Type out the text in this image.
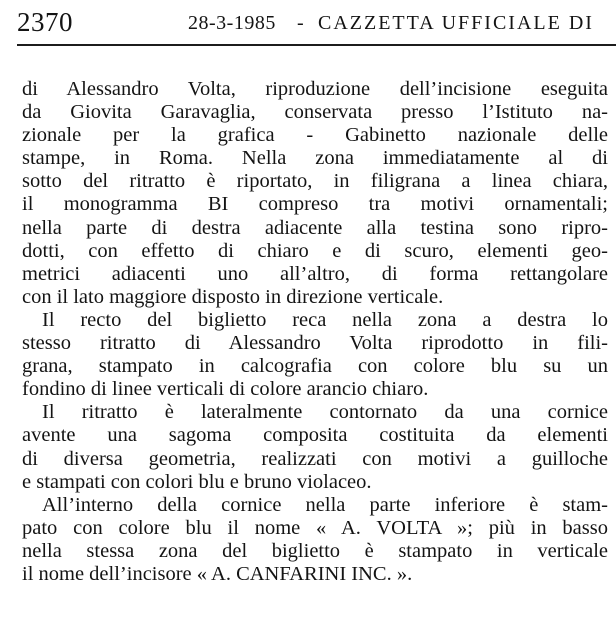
2370	28-3-1985 - CAZZETTA UFFICIALE DI
di Alessandro Volta, riproduzione dell’incisione eseguita
da Giovita Garavaglia, conservata presso l’Istituto na-
zionale per la grafica - Gabinetto nazionale delle
stampe, in Roma. Nella zona immediatamente al di
sotto del ritratto è riportato, in filigrana a linea chiara,
il monogramma BI compreso tra motivi ornamentali;
nella parte di destra adiacente alla testina sono ripro-
dotti, con effetto di chiaro e di scuro, elementi geo-
metrici adiacenti uno all’altro, di forma rettangolare
con il lato maggiore disposto in direzione verticale.
Il recto del biglietto reca nella zona a destra lo
stesso ritratto di Alessandro Volta riprodotto in fili-
grana, stampato in calcografia con colore blu su un
fondino di linee verticali di colore arancio chiaro.
Il ritratto è lateralmente contornato da una cornice
avente una sagoma composita costituita da elementi
di diversa geometria, realizzati con motivi a guilloche
e stampati con colori blu e bruno violaceo.
All’interno della cornice nella parte inferiore è stam-
pato con colore blu il nome « A. VOLTA »; più in basso
nella stessa zona del biglietto è stampato in verticale
il nome dell’incisore « A. CANFARINI INC. ».
